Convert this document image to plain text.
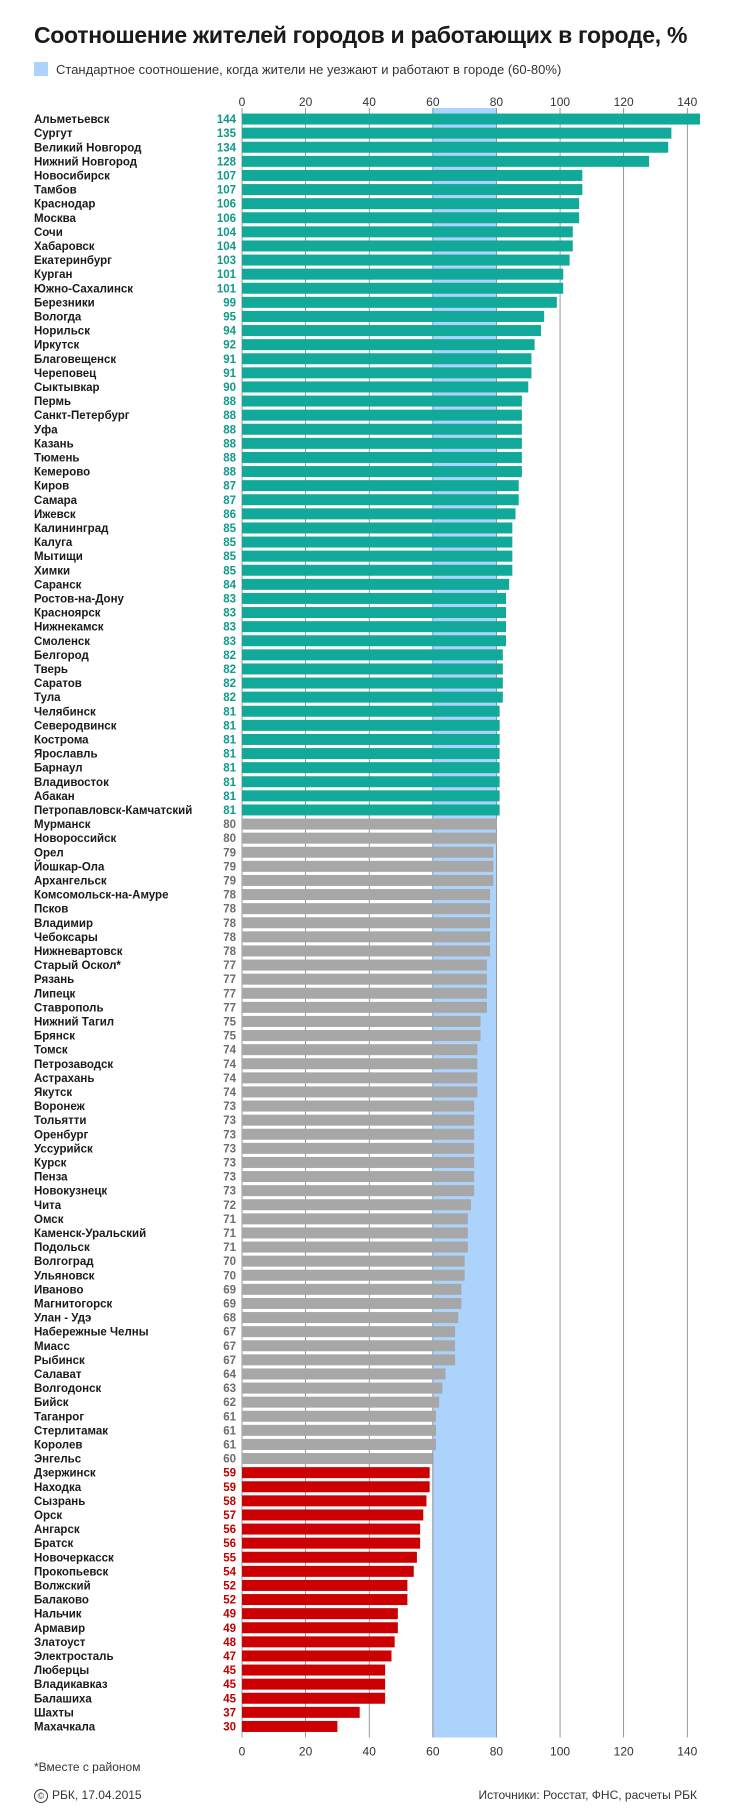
Соотношение жителей городов и работающих в городе, %
Стандартное соотношение, когда жители не уезжают и работают в городе (60-80%)
0
0
20
20
40
40
60
60
80
80
100
100
120
120
140
140
Альметьевск	144
Сургут	135
Великий Новгород	134
Нижний Новгород	128
Новосибирск	107
Тамбов	107
Краснодар	106
Москва	106
Сочи	104
Хабаровск	104
Екатеринбург	103
Курган	101
Южно-Сахалинск	101
Березники	99
Вологда	95
Норильск	94
Иркутск	92
Благовещенск	91
Череповец	91
Сыктывкар	90
Пермь	88
Санкт-Петербург	88
Уфа	88
Казань	88
Тюмень	88
Кемерово	88
Киров	87
Самара	87
Ижевск	86
Калининград	85
Калуга	85
Мытищи	85
Химки	85
Саранск	84
Ростов-на-Дону	83
Красноярск	83
Нижнекамск	83
Смоленск	83
Белгород	82
Тверь	82
Саратов	82
Тула	82
Челябинск	81
Северодвинск	81
Кострома	81
Ярославль	81
Барнаул	81
Владивосток	81
Абакан	81
Петропавловск-Камчатский	81
Мурманск	80
Новороссийск	80
Орел	79
Йошкар-Ола	79
Архангельск	79
Комсомольск-на-Амуре	78
Псков	78
Владимир	78
Чебоксары	78
Нижневартовск	78
Старый Оскол*	77
Рязань	77
Липецк	77
Ставрополь	77
Нижний Тагил	75
Брянск	75
Томск	74
Петрозаводск	74
Астрахань	74
Якутск	74
Воронеж	73
Тольятти	73
Оренбург	73
Уссурийск	73
Курск	73
Пенза	73
Новокузнецк	73
Чита	72
Омск	71
Каменск-Уральский	71
Подольск	71
Волгоград	70
Ульяновск	70
Иваново	69
Магнитогорск	69
Улан - Удэ	68
Набережные Челны	67
Миасс	67
Рыбинск	67
Салават	64
Волгодонск	63
Бийск	62
Таганрог	61
Стерлитамак	61
Королев	61
Энгельс	60
Дзержинск	59
Находка	59
Сызрань	58
Орск	57
Ангарск	56
Братск	56
Новочеркасск	55
Прокопьевск	54
Волжский	52
Балаково	52
Нальчик	49
Армавир	49
Златоуст	48
Электросталь	47
Люберцы	45
Владикавказ	45
Балашиха	45
Шахты	37
Махачкала	30
*Вместе с районом
© РБК, 17.04.2015	Источники: Росстат, ФНС, расчеты РБК
